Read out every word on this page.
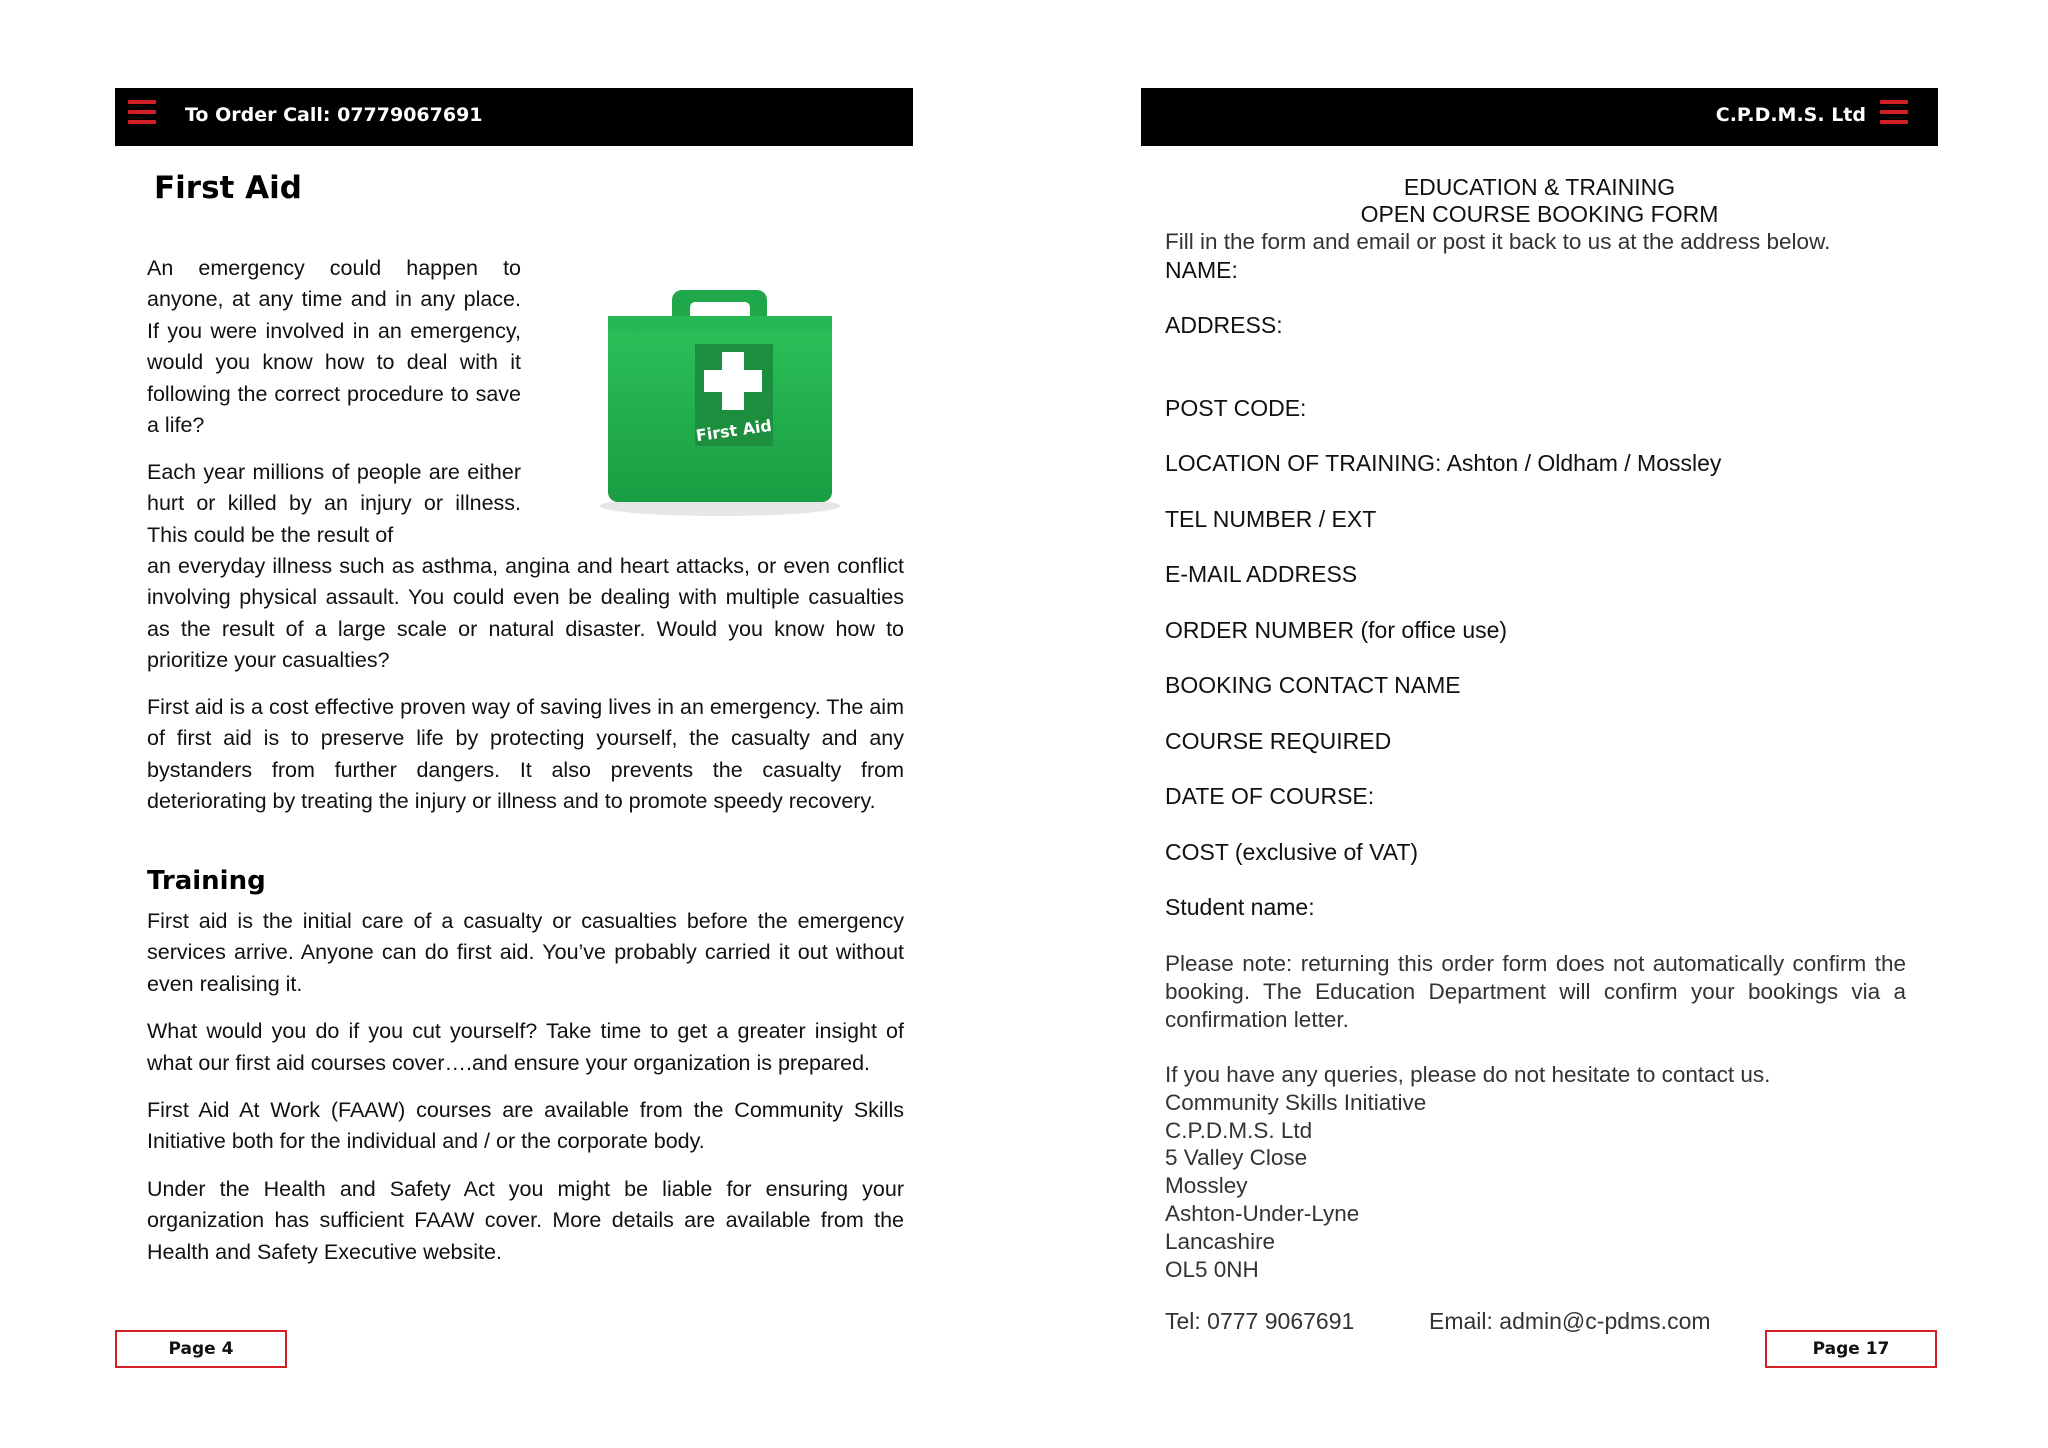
To Order Call: 07779067691
First Aid

An emergency could happen to anyone, at any time and in any place. If you were involved in an emergency, would you know how to deal with it following the correct procedure to save a life?

Each year millions of people are either hurt or killed by an injury or illness. This could be the result of

First Aid

an everyday illness such as asthma, angina and heart attacks, or even conflict involving physical assault. You could even be dealing with multiple casualties as the result of a large scale or natural disaster. Would you know how to prioritize your casualties?

First aid is a cost effective proven way of saving lives in an emergency. The aim of first aid is to preserve life by protecting yourself, the casualty and any bystanders from further dangers. It also prevents the casualty from deteriorating by treating the injury or illness and to promote speedy recovery.

Training

First aid is the initial care of a casualty or casualties before the emergency services arrive. Anyone can do first aid. You’ve probably carried it out without even realising it.

What would you do if you cut yourself? Take time to get a greater insight of what our first aid courses cover….and ensure your organization is prepared.

First Aid At Work (FAAW) courses are available from the Community Skills Initiative both for the individual and / or the corporate body.

Under the Health and Safety Act you might be liable for ensuring your organization has sufficient FAAW cover. More details are available from the Health and Safety Executive website.

Page 4
C.P.D.M.S. Ltd
EDUCATION & TRAINING
OPEN COURSE BOOKING FORM
Fill in the form and email or post it back to us at the address below.
NAME:
ADDRESS:
POST CODE:
LOCATION OF TRAINING: Ashton / Oldham / Mossley
TEL NUMBER / EXT
E-MAIL ADDRESS
ORDER NUMBER (for office use)
BOOKING CONTACT NAME
COURSE REQUIRED
DATE OF COURSE:
COST (exclusive of VAT)
Student name:
Please note: returning this order form does not automatically confirm the booking. The Education Department will confirm your bookings via a confirmation letter.
If you have any queries, please do not hesitate to contact us.
Community Skills Initiative
C.P.D.M.S. Ltd
5 Valley Close
Mossley
Ashton-Under-Lyne
Lancashire
OL5 0NH
Tel: 0777 9067691	Email: admin@c-pdms.com
Page 17
